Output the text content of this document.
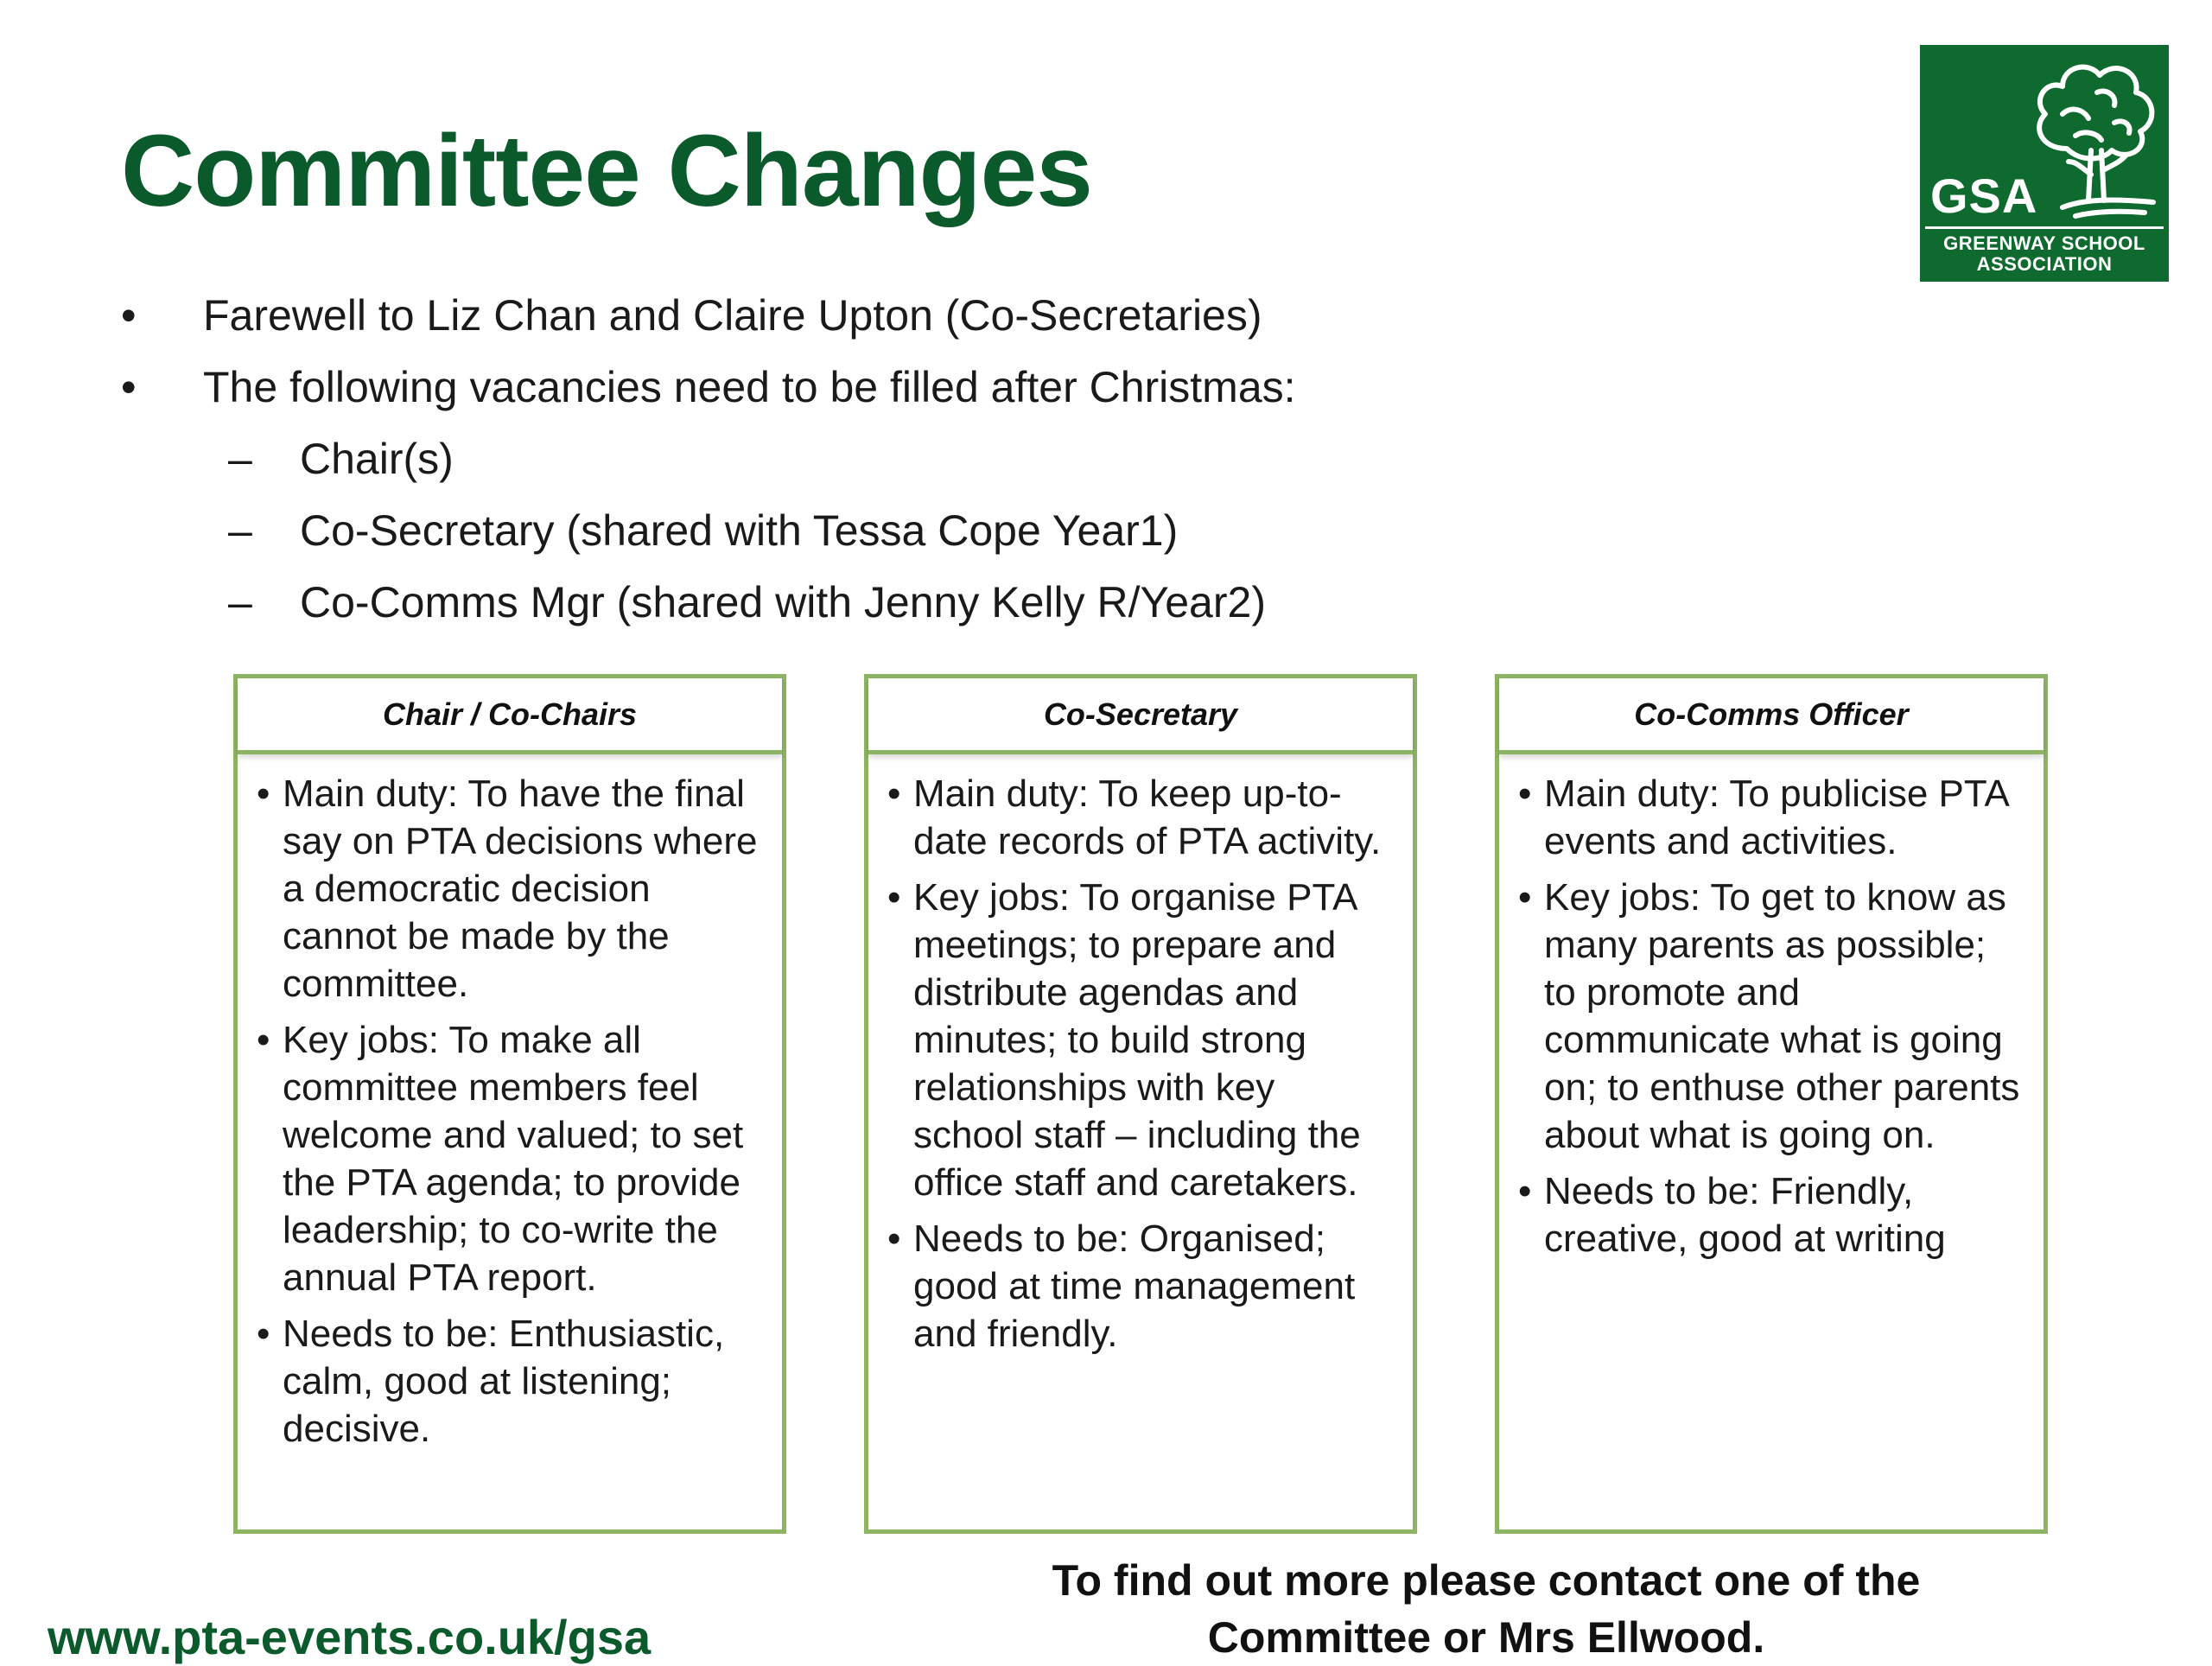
Committee Changes	GSA
GREENWAY SCHOOL
ASSOCIATION
•	Farewell to Liz Chan and Claire Upton (Co-Secretaries)
•	The following vacancies need to be filled after Christmas:
–	Chair(s)
–	Co-Secretary (shared with Tessa Cope Year1)
–	Co-Comms Mgr (shared with Jenny Kelly R/Year2)
Chair / Co-Chairs
• Main duty: To have the final say on PTA decisions where a democratic decision cannot be made by the committee.
• Key jobs: To make all committee members feel welcome and valued; to set the PTA agenda; to provide leadership; to co-write the annual PTA report.
• Needs to be: Enthusiastic, calm, good at listening; decisive.
Co-Secretary
• Main duty: To keep up-to-date records of PTA activity.
• Key jobs: To organise PTA meetings; to prepare and distribute agendas and minutes; to build strong relationships with key school staff – including the office staff and caretakers.
• Needs to be: Organised; good at time management and friendly.
Co-Comms Officer
• Main duty: To publicise PTA events and activities.
• Key jobs: To get to know as many parents as possible; to promote and communicate what is going on; to enthuse other parents about what is going on.
• Needs to be: Friendly, creative, good at writing
www.pta-events.co.uk/gsa
To find out more please contact one of the
Committee or Mrs Ellwood.
